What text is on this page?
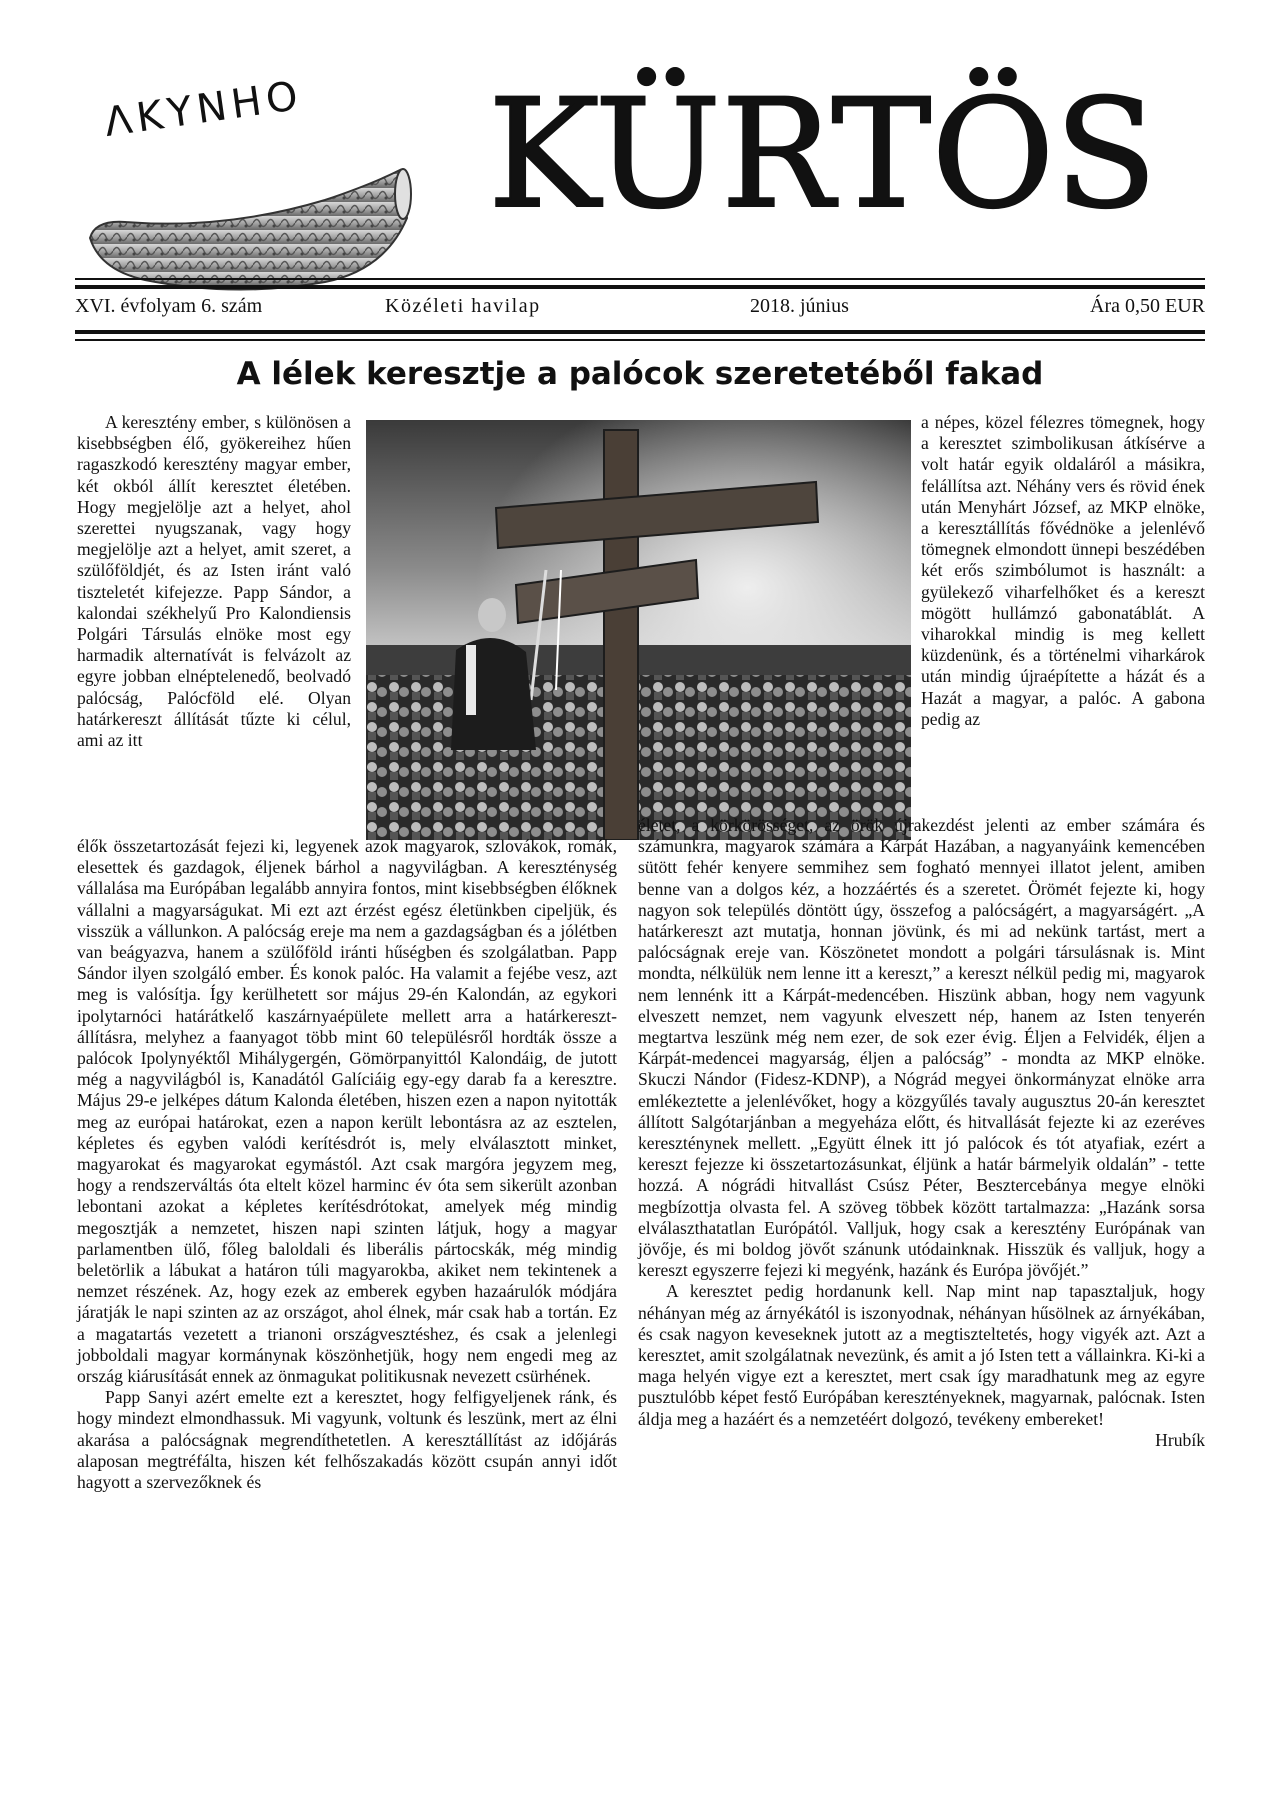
ΛΚΥΝΗΟ	KÜRTÖS
XVI. évfolyam 6. szám	Közéleti havilap	2018. június	Ára 0,50 EUR
A lélek keresztje a palócok szeretetéből fakad

A keresztény ember, s különösen a kisebbségben élő, gyökereihez hűen ragaszkodó keresztény magyar ember, két okból állít keresztet életében. Hogy megjelölje azt a helyet, ahol szerettei nyugszanak, vagy hogy megjelölje azt a helyet, amit szeret, a szülőföldjét, és az Isten iránt való tiszteletét kifejezze. Papp Sándor, a kalondai székhelyű Pro Kalondiensis Polgári Társulás elnöke most egy harmadik alternatívát is felvázolt az egyre jobban elnéptelenedő, beolvadó palócság, Palócföld elé. Olyan határkereszt állítását tűzte ki célul, ami az itt

a népes, közel félezres tömegnek, hogy a keresztet szimbolikusan átkísérve a volt határ egyik oldaláról a másikra, felállítsa azt. Néhány vers és rövid ének után Menyhárt József, az MKP elnöke, a keresztállítás fővédnöke a jelenlévő tömegnek elmondott ünnepi beszédében két erős szimbólumot is használt: a gyülekező viharfelhőket és a kereszt mögött hullámzó gabonatáblát. A viharokkal mindig is meg kellett küzdenünk, és a történelmi viharkárok után mindig újraépítette a házát és a Hazát a magyar, a palóc. A gabona pedig az

élők összetartozását fejezi ki, legyenek azok magyarok, szlovákok, romák, elesettek és gazdagok, éljenek bárhol a nagyvilágban. A kereszténység vállalása ma Európában legalább annyira fontos, mint kisebbségben élőknek vállalni a magyarságukat. Mi ezt azt érzést egész életünkben cipeljük, és visszük a vállunkon. A palócság ereje ma nem a gazdagságban és a jólétben van beágyazva, hanem a szülőföld iránti hűségben és szolgálatban. Papp Sándor ilyen szolgáló ember. És konok palóc. Ha valamit a fejébe vesz, azt meg is valósítja. Így kerülhetett sor május 29-én Kalondán, az egykori ipolytarnóci határátkelő kaszárnyaépülete mellett arra a határkereszt-állításra, melyhez a faanyagot több mint 60 településről hordták össze a palócok Ipolynyéktől Mihálygergén, Gömörpanyittól Kalondáig, de jutott még a nagyvilágból is, Kanadától Galíciáig egy-egy darab fa a keresztre. Május 29-e jelképes dátum Kalonda életében, hiszen ezen a napon nyitották meg az európai határokat, ezen a napon került lebontásra az az esztelen, képletes és egyben valódi kerítésdrót is, mely elválasztott minket, magyarokat és magyarokat egymástól. Azt csak margóra jegyzem meg, hogy a rendszerváltás óta eltelt közel harminc év óta sem sikerült azonban lebontani azokat a képletes kerítésdrótokat, amelyek még mindig megosztják a nemzetet, hiszen napi szinten látjuk, hogy a magyar parlamentben ülő, főleg baloldali és liberális pártocskák, még mindig beletörlik a lábukat a határon túli magyarokba, akiket nem tekintenek a nemzet részének. Az, hogy ezek az emberek egyben hazaárulók módjára járatják le napi szinten az az országot, ahol élnek, már csak hab a tortán. Ez a magatartás vezetett a trianoni országvesztéshez, és csak a jelenlegi jobboldali magyar kormánynak köszönhetjük, hogy nem engedi meg az ország kiárusítását ennek az önmagukat politikusnak nevezett csürhének.

Papp Sanyi azért emelte ezt a keresztet, hogy felfigyeljenek ránk, és hogy mindezt elmondhassuk. Mi vagyunk, voltunk és leszünk, mert az élni akarása a palócságnak megrendíthetetlen. A keresztállítást az időjárás alaposan megtréfálta, hiszen két felhőszakadás között csupán annyi időt hagyott a szervezőknek és

életet, a körkörösséget, az örök újrakezdést jelenti az ember számára és számunkra, magyarok számára a Kárpát Hazában, a nagyanyáink kemencében sütött fehér kenyere semmihez sem fogható mennyei illatot jelent, amiben benne van a dolgos kéz, a hozzáértés és a szeretet. Örömét fejezte ki, hogy nagyon sok település döntött úgy, összefog a palócságért, a magyarságért. „A határkereszt azt mutatja, honnan jövünk, és mi ad nekünk tartást, mert a palócságnak ereje van. Köszönetet mondott a polgári társulásnak is. Mint mondta, nélkülük nem lenne itt a kereszt,” a kereszt nélkül pedig mi, magyarok nem lennénk itt a Kárpát-medencében. Hiszünk abban, hogy nem vagyunk elveszett nemzet, nem vagyunk elveszett nép, hanem az Isten tenyerén megtartva leszünk még nem ezer, de sok ezer évig. Éljen a Felvidék, éljen a Kárpát-medencei magyarság, éljen a palócság” - mondta az MKP elnöke. Skuczi Nándor (Fidesz-KDNP), a Nógrád megyei önkormányzat elnöke arra emlékeztette a jelenlévőket, hogy a közgyűlés tavaly augusztus 20-án keresztet állított Salgótarjánban a megyeháza előtt, és hitvallását fejezte ki az ezeréves kereszténynek mellett. „Együtt élnek itt jó palócok és tót atyafiak, ezért a kereszt fejezze ki összetartozásunkat, éljünk a határ bármelyik oldalán” - tette hozzá. A nógrádi hitvallást Csúsz Péter, Besztercebánya megye elnöki megbízottja olvasta fel. A szöveg többek között tartalmazza: „Hazánk sorsa elválaszthatatlan Európától. Valljuk, hogy csak a keresztény Európának van jövője, és mi boldog jövőt szánunk utódainknak. Hisszük és valljuk, hogy a kereszt egyszerre fejezi ki megyénk, hazánk és Európa jövőjét.”

A keresztet pedig hordanunk kell. Nap mint nap tapasztaljuk, hogy néhányan még az árnyékától is iszonyodnak, néhányan hűsölnek az árnyékában, és csak nagyon keveseknek jutott az a megtiszteltetés, hogy vigyék azt. Azt a keresztet, amit szolgálatnak nevezünk, és amit a jó Isten tett a vállainkra. Ki-ki a maga helyén vigye ezt a keresztet, mert csak így maradhatunk meg az egyre pusztulóbb képet festő Európában keresztényeknek, magyarnak, palócnak. Isten áldja meg a hazáért és a nemzetéért dolgozó, tevékeny embereket!

Hrubík
